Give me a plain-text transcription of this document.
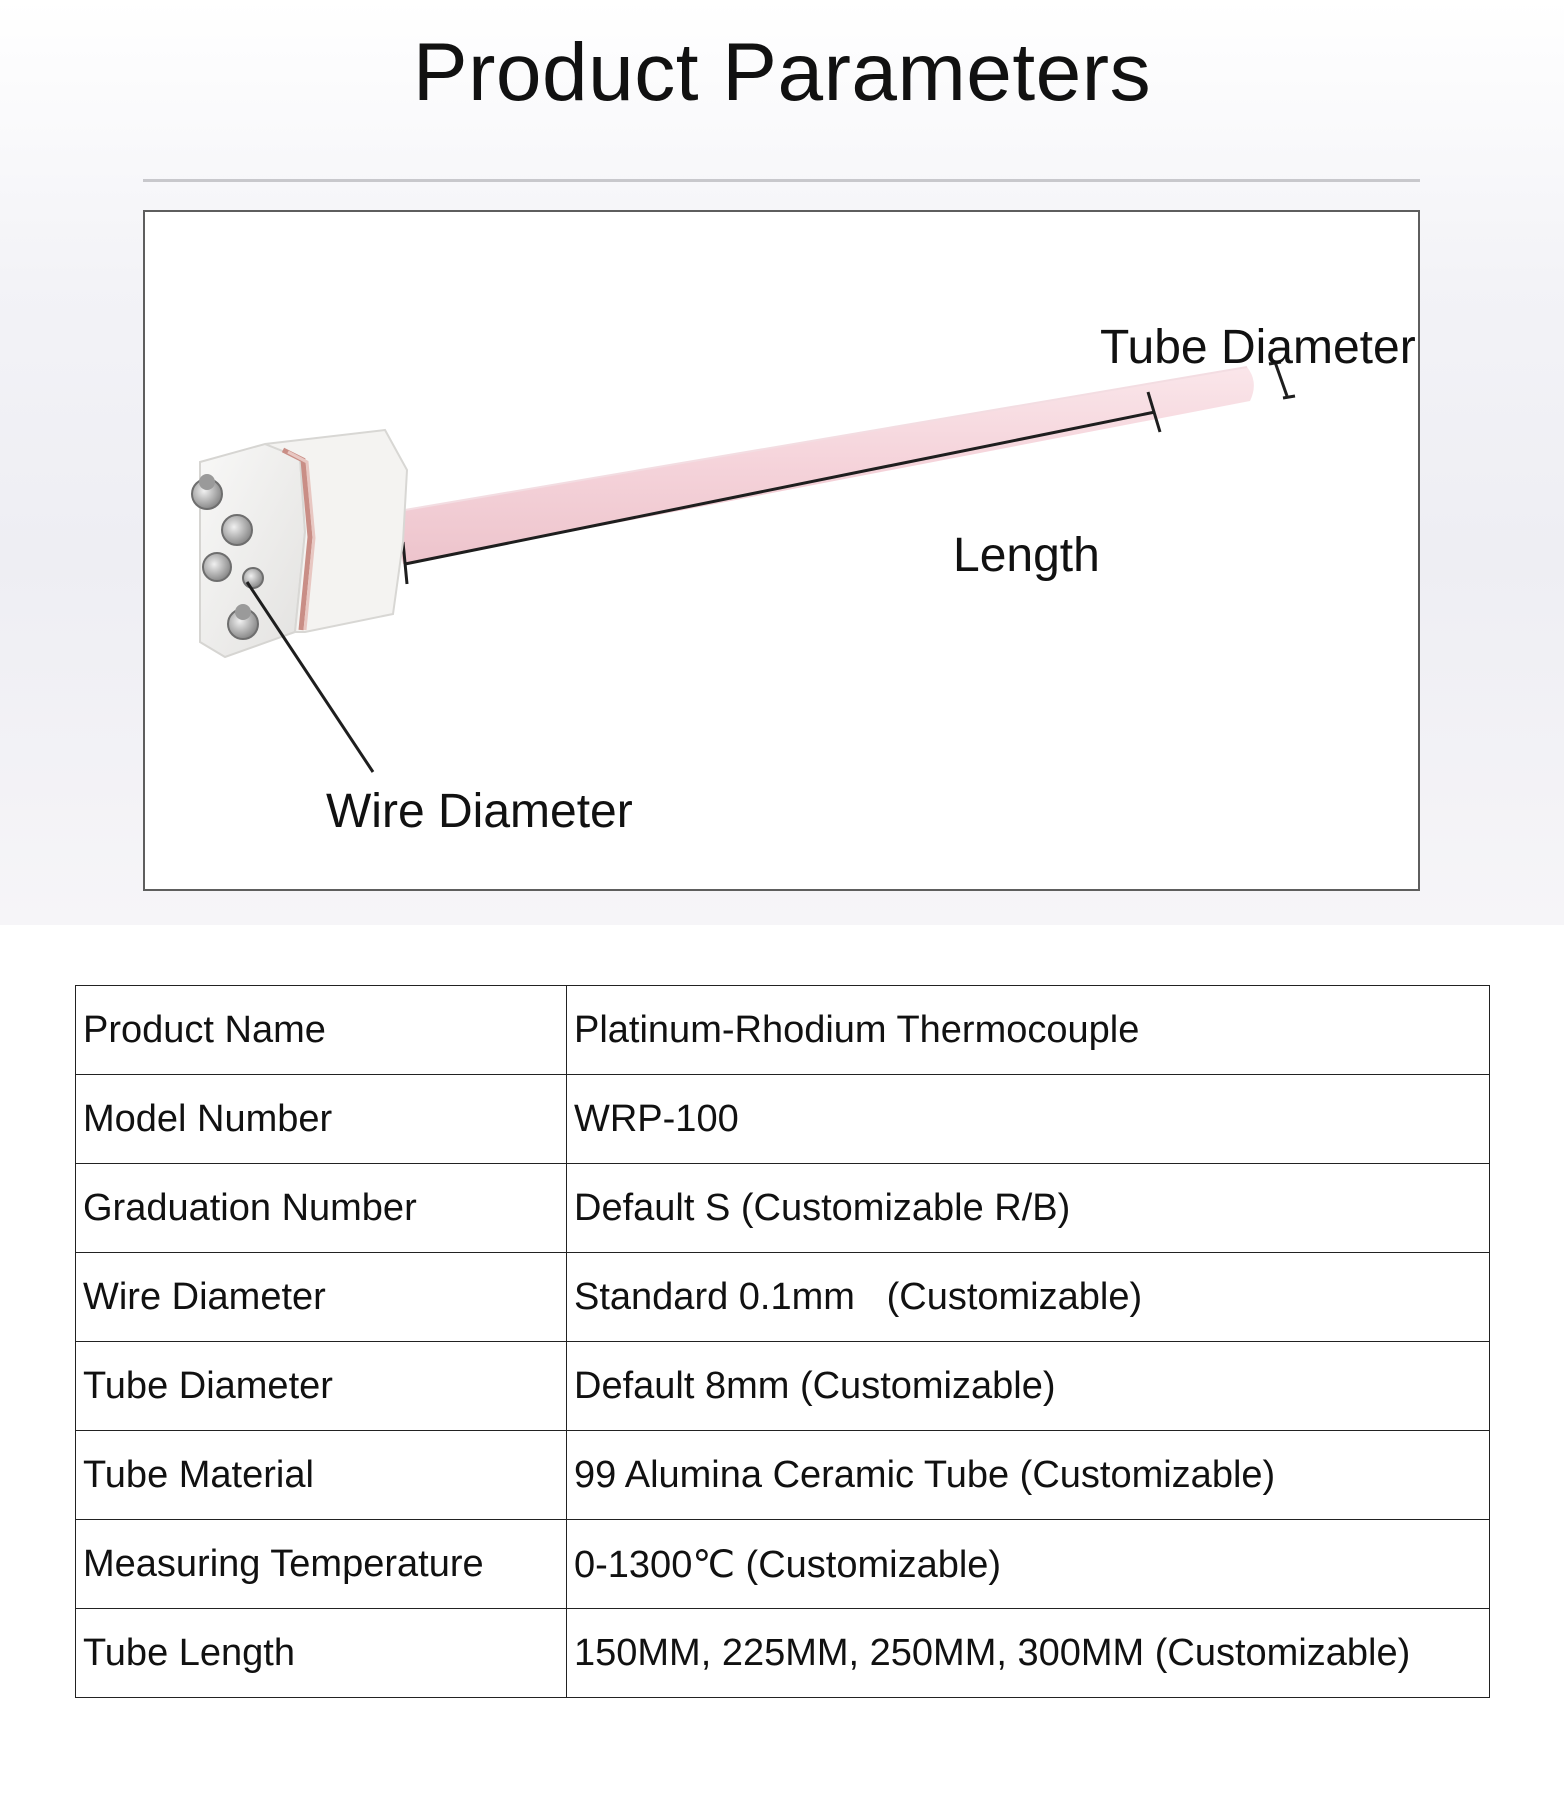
Product Parameters
Tube Diameter
Length
Wire Diameter
Product Name	Platinum-Rhodium Thermocouple
Model Number	WRP-100
Graduation Number	Default S (Customizable R/B)
Wire Diameter	Standard 0.1mm   (Customizable)
Tube Diameter	Default 8mm (Customizable)
Tube Material	99 Alumina Ceramic Tube (Customizable)
Measuring Temperature	0-1300℃ (Customizable)
Tube Length	150MM, 225MM, 250MM, 300MM (Customizable)
